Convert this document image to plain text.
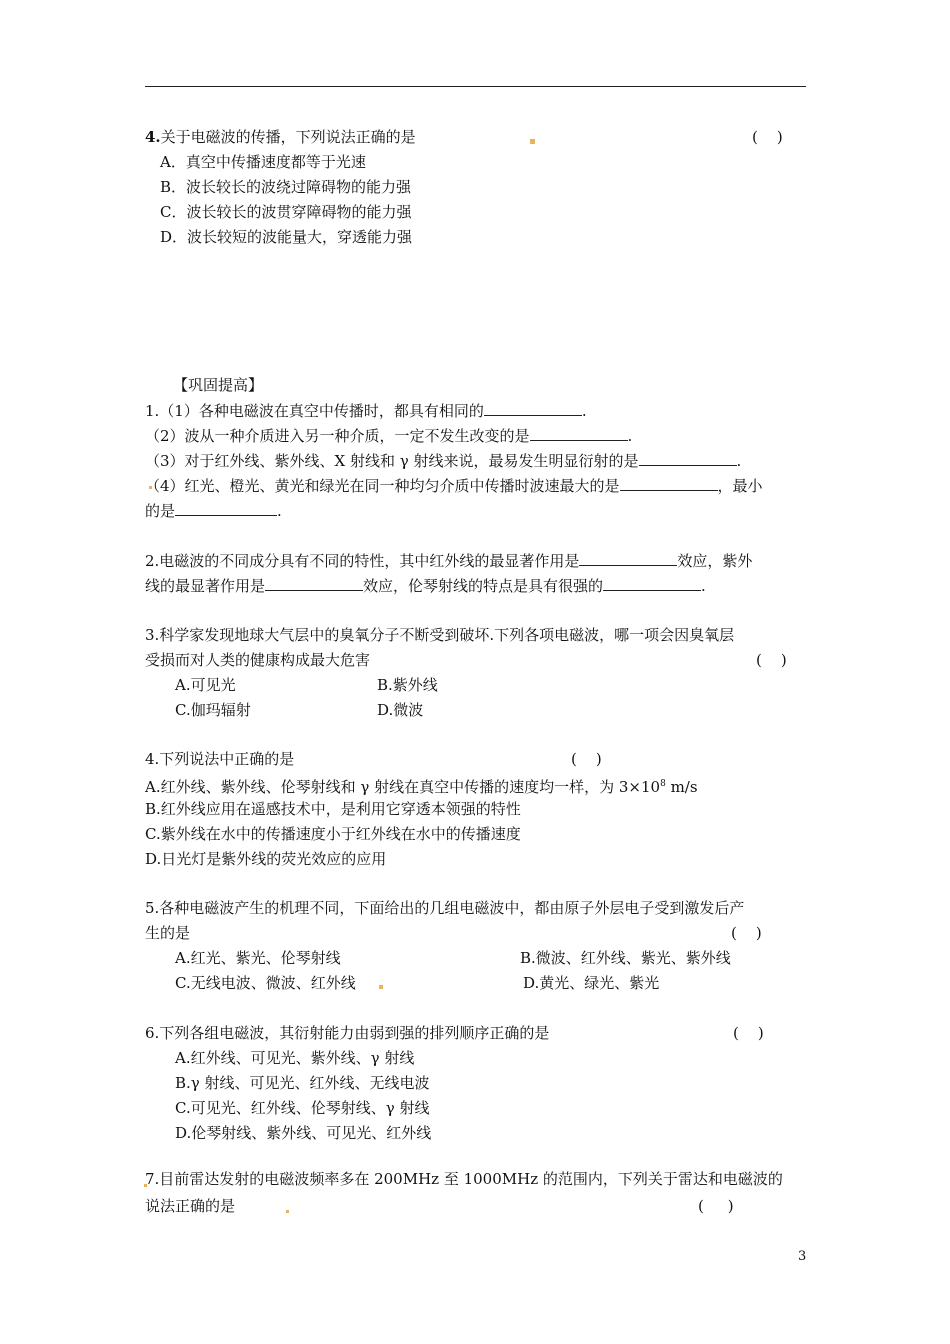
4.关于电磁波的传播，下列说法正确的是	(    )
A．真空中传播速度都等于光速
B．波长较长的波绕过障碍物的能力强
C．波长较长的波贯穿障碍物的能力强
D．波长较短的波能量大，穿透能力强
【巩固提高】
1.（1）各种电磁波在真空中传播时，都具有相同的	.
（2）波从一种介质进入另一种介质，一定不发生改变的是	.
（3）对于红外线、紫外线、X 射线和 γ 射线来说，最易发生明显衍射的是	.
（4）红光、橙光、黄光和绿光在同一种均匀介质中传播时波速最大的是	，最小
的是	.
2.电磁波的不同成分具有不同的特性，其中红外线的最显著作用是	效应，紫外
线的最显著作用是	效应，伦琴射线的特点是具有很强的	.
3.科学家发现地球大气层中的臭氧分子不断受到破坏.下列各项电磁波，哪一项会因臭氧层
受损而对人类的健康构成最大危害	(    )
A.可见光	B.紫外线
C.伽玛辐射	D.微波
4.下列说法中正确的是	(    )
A.红外线、紫外线、伦琴射线和 γ 射线在真空中传播的速度均一样，为 $3\times 10^8$ m/s
B.红外线应用在遥感技术中，是利用它穿透本领强的特性
C.紫外线在水中的传播速度小于红外线在水中的传播速度
D.日光灯是紫外线的荧光效应的应用
5.各种电磁波产生的机理不同，下面给出的几组电磁波中，都由原子外层电子受到激发后产
生的是	(    )
A.红光、紫光、伦琴射线	B.微波、红外线、紫光、紫外线
C.无线电波、微波、红外线	D.黄光、绿光、紫光
6.下列各组电磁波，其衍射能力由弱到强的排列顺序正确的是	(    )
A.红外线、可见光、紫外线、γ 射线
B.γ 射线、可见光、红外线、无线电波
C.可见光、红外线、伦琴射线、γ 射线
D.伦琴射线、紫外线、可见光、红外线
7.目前雷达发射的电磁波频率多在 200MHz 至 1000MHz 的范围内，下列关于雷达和电磁波的
说法正确的是	(     )
3
